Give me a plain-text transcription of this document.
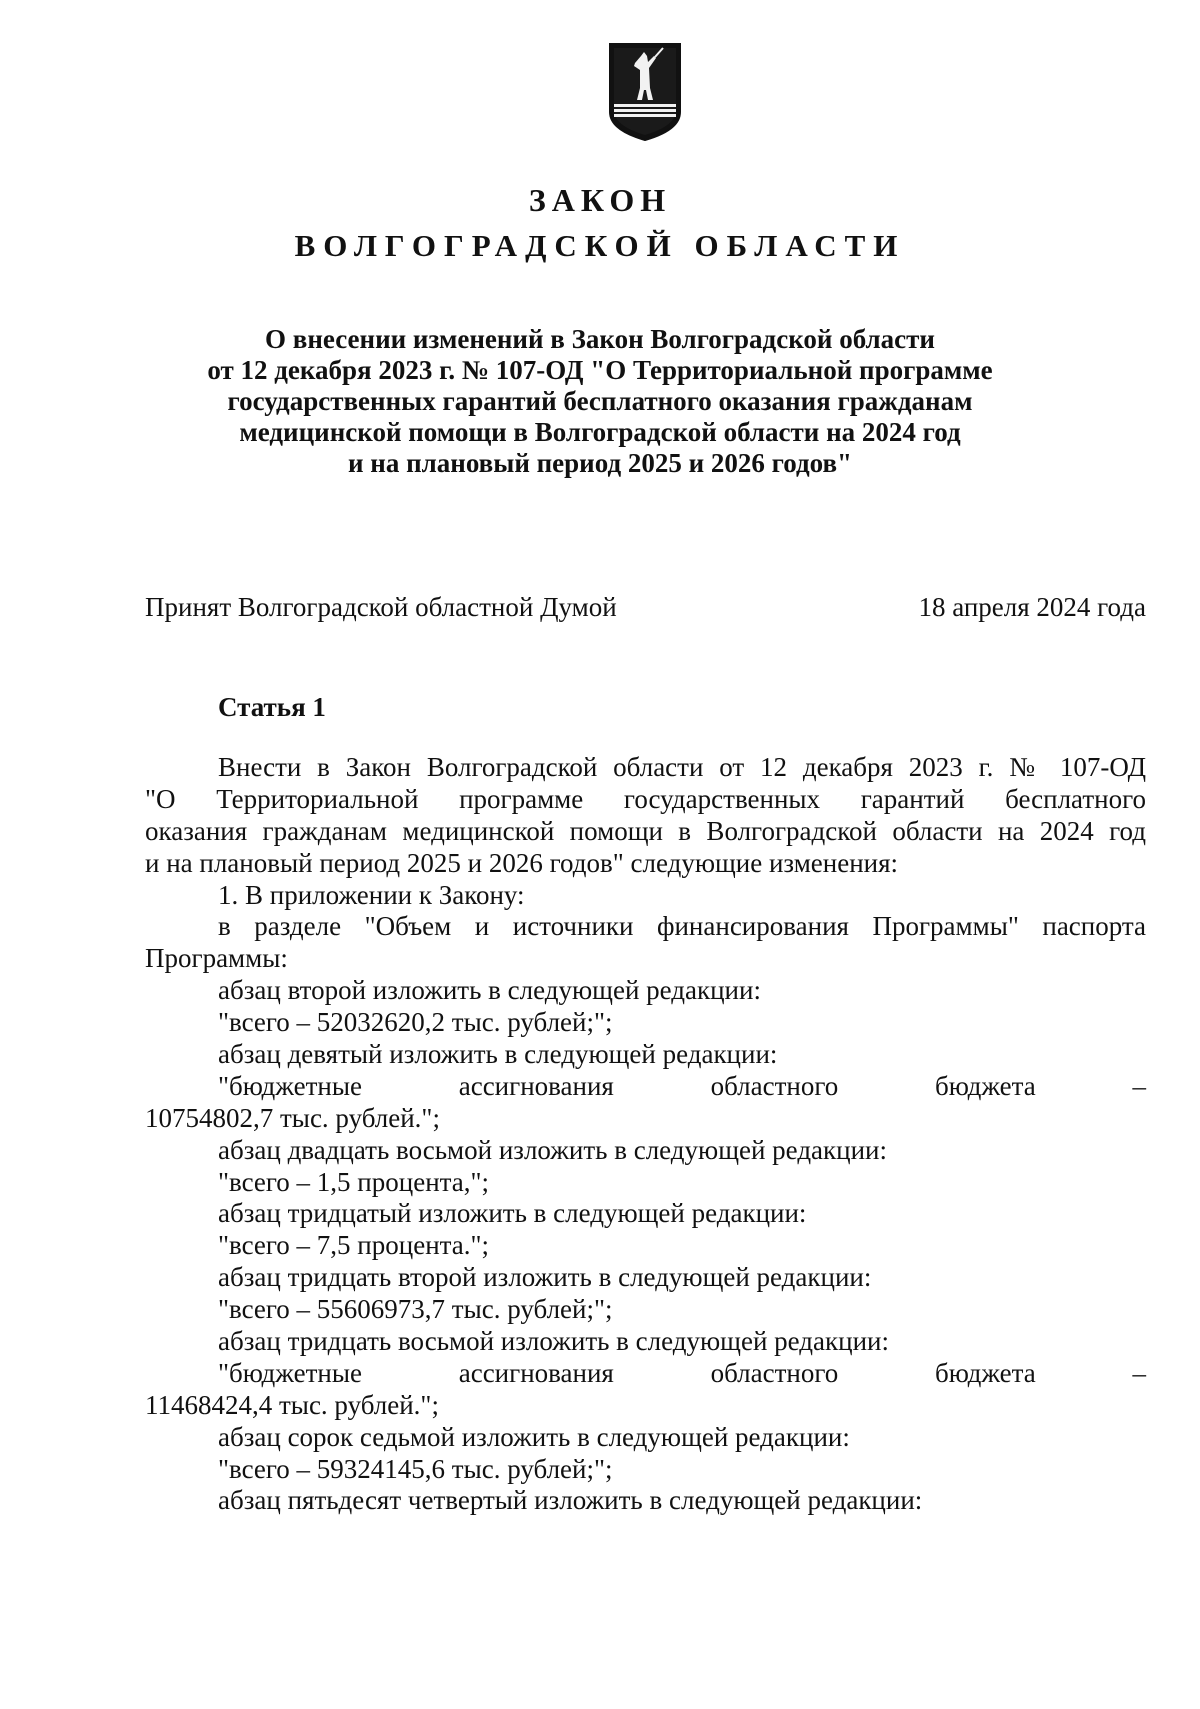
ЗАКОН
ВОЛГОГРАДСКОЙ ОБЛАСТИ
О внесении изменений в Закон Волгоградской области
от 12 декабря 2023 г. № 107-ОД "О Территориальной программе
государственных гарантий бесплатного оказания гражданам
медицинской помощи в Волгоградской области на 2024 год
и на плановый период 2025 и 2026 годов"
Принят Волгоградской областной Думой	18 апреля 2024 года
Статья 1
Внести в Закон Волгоградской области от 12 декабря 2023 г. № 107-ОД
"О Территориальной программе государственных гарантий бесплатного
оказания гражданам медицинской помощи в Волгоградской области на 2024 год
и на плановый период 2025 и 2026 годов" следующие изменения:
1. В приложении к Закону:
в разделе "Объем и источники финансирования Программы" паспорта
Программы:
абзац второй изложить в следующей редакции:
"всего – 52032620,2 тыс. рублей;";
абзац девятый изложить в следующей редакции:
"бюджетные ассигнования областного бюджета –
10754802,7 тыс. рублей.";
абзац двадцать восьмой изложить в следующей редакции:
"всего – 1,5 процента,";
абзац тридцатый изложить в следующей редакции:
"всего – 7,5 процента.";
абзац тридцать второй изложить в следующей редакции:
"всего – 55606973,7 тыс. рублей;";
абзац тридцать восьмой изложить в следующей редакции:
"бюджетные ассигнования областного бюджета –
11468424,4 тыс. рублей.";
абзац сорок седьмой изложить в следующей редакции:
"всего – 59324145,6 тыс. рублей;";
абзац пятьдесят четвертый изложить в следующей редакции:
